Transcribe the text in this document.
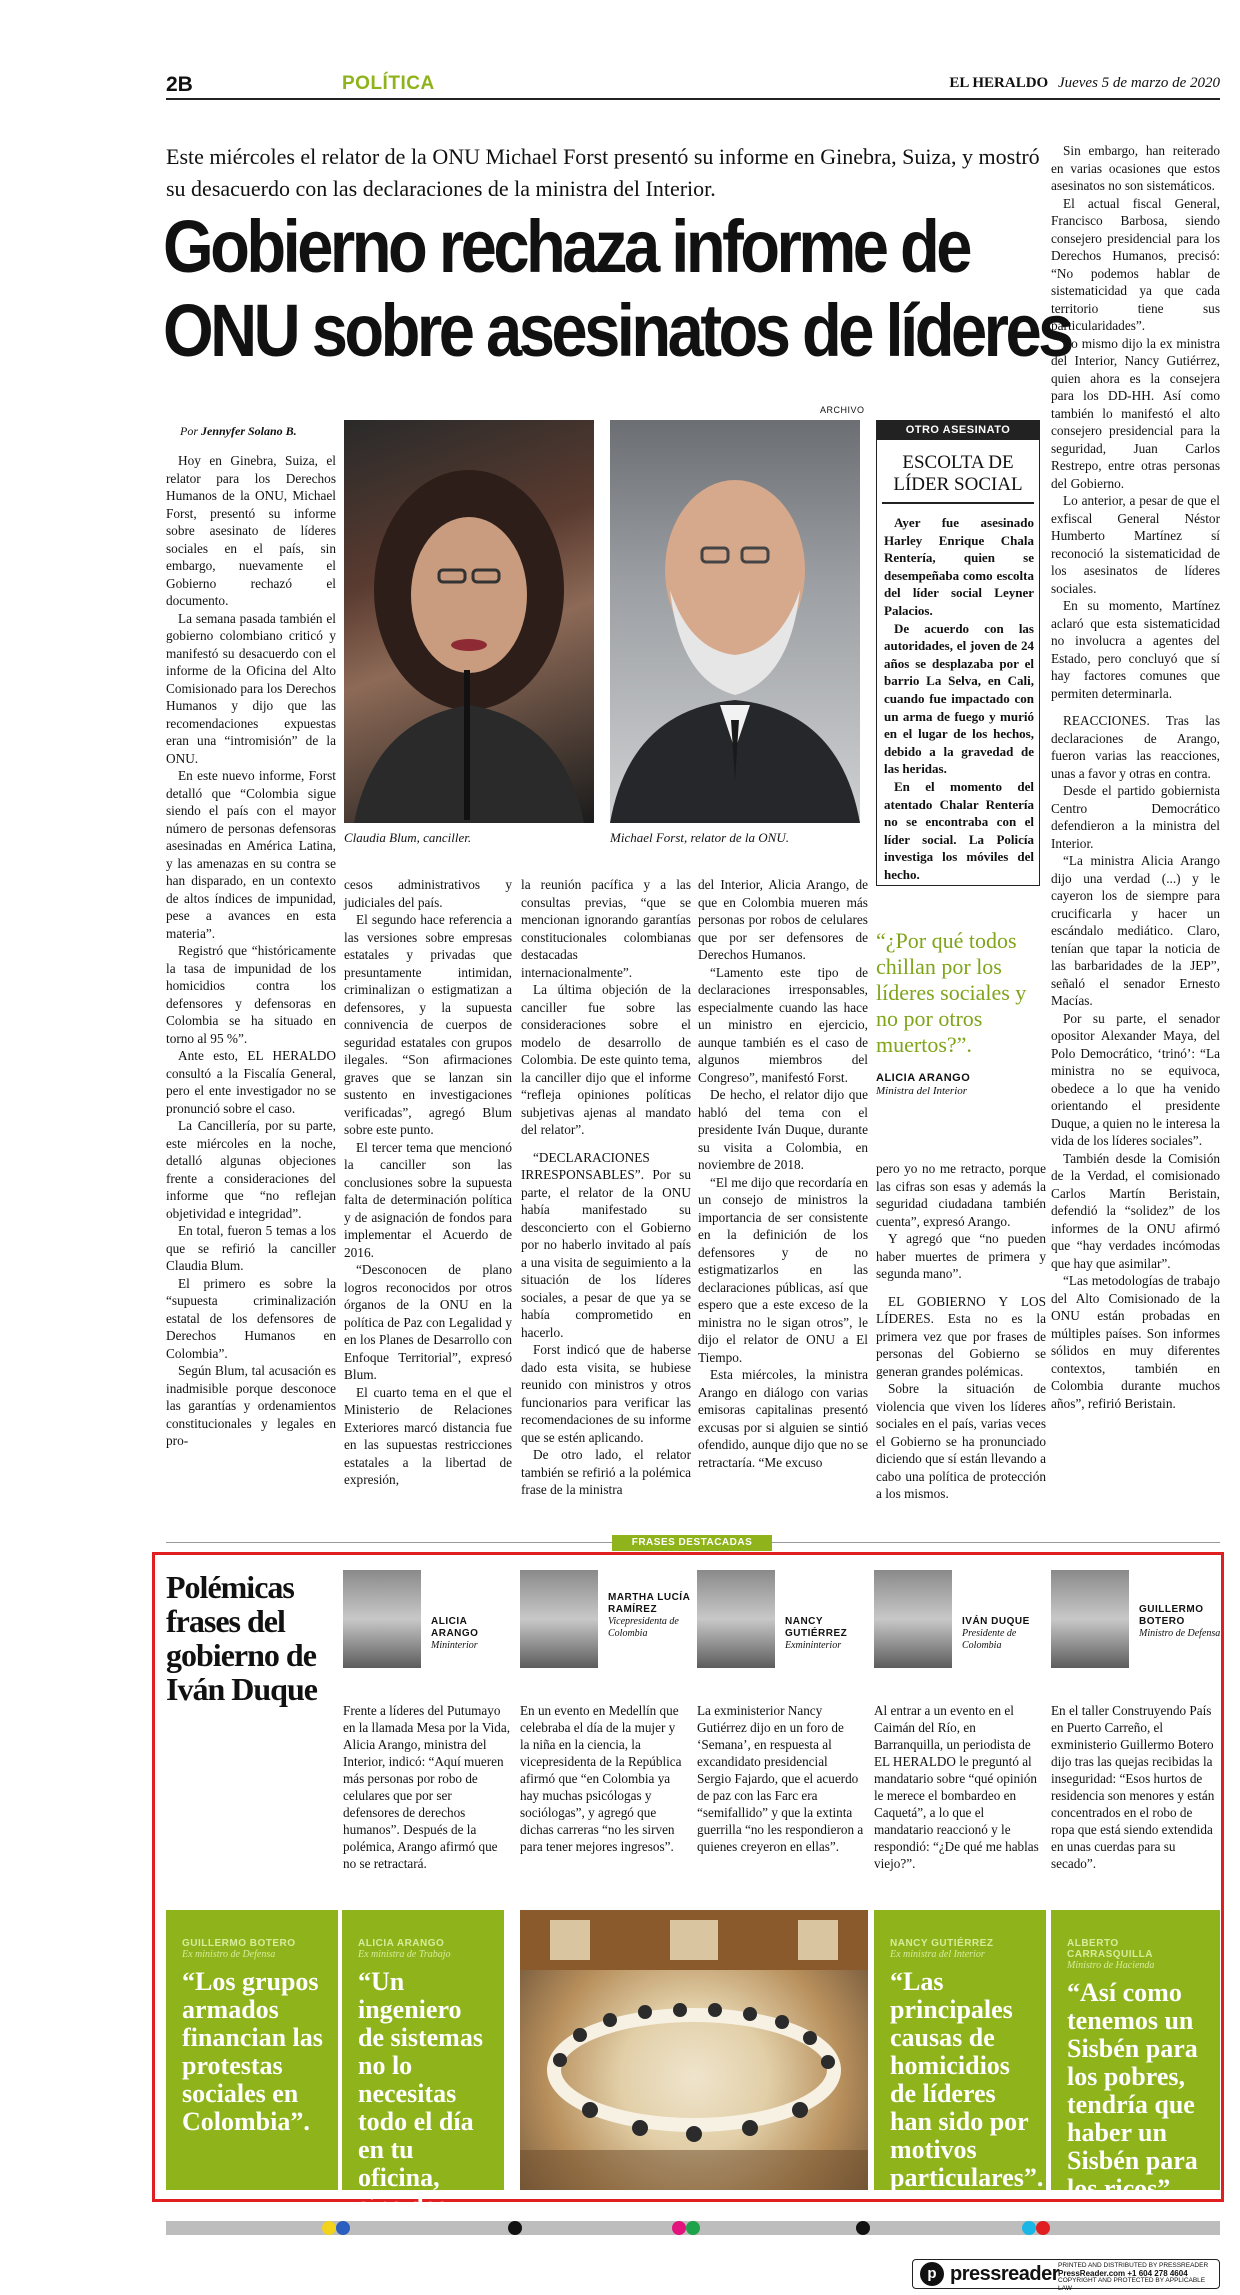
2B	POLÍTICA	EL HERALDO Jueves 5 de marzo de 2020
Este miércoles el relator de la ONU Michael Forst presentó su informe en Ginebra, Suiza, y mostró su desacuerdo con las declaraciones de la ministra del Interior.
Gobierno rechaza informe de
ONU sobre asesinatos de líderes
Por Jennyfer Solano B.
ARCHIVO

Hoy en Ginebra, Suiza, el relator para los Derechos Humanos de la ONU, Michael Forst, presentó su informe sobre asesinato de líderes sociales en el país, sin embargo, nuevamente el Gobierno rechazó el documento.

La semana pasada también el gobierno colombiano criticó y manifestó su desacuerdo con el informe de la Oficina del Alto Comisionado para los Derechos Humanos y dijo que las recomendaciones expuestas eran una “intromisión” de la ONU.

En este nuevo informe, Forst detalló que “Colombia sigue siendo el país con el mayor número de personas defensoras asesinadas en América Latina, y las amenazas en su contra se han disparado, en un contexto de altos índices de impunidad, pese a avances en esta materia”.

Registró que “históricamente la tasa de impunidad de los homicidios contra los defensores y defensoras en Colombia se ha situado en torno al 95 %”.

Ante esto, EL HERALDO consultó a la Fiscalía General, pero el ente investigador no se pronunció sobre el caso.

La Cancillería, por su parte, este miércoles en la noche, detalló algunas objeciones frente a consideraciones del informe que “no reflejan objetividad e integridad”.

En total, fueron 5 temas a los que se refirió la canciller Claudia Blum.

El primero es sobre la “supuesta criminalización estatal de los defensores de Derechos Humanos en Colombia”.

Según Blum, tal acusación es inadmisible porque desconoce las garantías y ordenamientos constitucionales y legales en pro-

Claudia Blum, canciller.	Michael Forst, relator de la ONU.
OTRO ASESINATO
ESCOLTA DE LÍDER SOCIAL

Ayer fue asesinado Harley Enrique Chala Rentería, quien se desempeñaba como escolta del líder social Leyner Palacios.

De acuerdo con las autoridades, el joven de 24 años se desplazaba por el barrio La Selva, en Cali, cuando fue impactado con un arma de fuego y murió en el lugar de los hechos, debido a la gravedad de las heridas.

En el momento del atentado Chalar Rentería no se encontraba con el líder social. La Policía investiga los móviles del hecho.

“¿Por qué todos chillan por los líderes sociales y no por otros muertos?”.
ALICIA ARANGO
Ministra del Interior

cesos administrativos y judiciales del país.

El segundo hace referencia a las versiones sobre empresas estatales y privadas que presuntamente intimidan, criminalizan o estigmatizan a defensores, y la supuesta connivencia de cuerpos de seguridad estatales con grupos ilegales. “Son afirmaciones graves que se lanzan sin sustento en investigaciones verificadas”, agregó Blum sobre este punto.

El tercer tema que mencionó la canciller son las conclusiones sobre la supuesta falta de determinación política y de asignación de fondos para implementar el Acuerdo de 2016.

“Desconocen de plano logros reconocidos por otros órganos de la ONU en la política de Paz con Legalidad y en los Planes de Desarrollo con Enfoque Territorial”, expresó Blum.

El cuarto tema en el que el Ministerio de Relaciones Exteriores marcó distancia fue en las supuestas restricciones estatales a la libertad de expresión,

la reunión pacífica y a las consultas previas, “que se mencionan ignorando garantías constitucionales colombianas destacadas internacionalmente”.

La última objeción de la canciller fue sobre las consideraciones sobre el modelo de desarrollo de Colombia. De este quinto tema, la canciller dijo que el informe “refleja opiniones políticas subjetivas ajenas al mandato del relator”.

“DECLARACIONES IRRESPONSABLES”. Por su parte, el relator de la ONU había manifestado su desconcierto con el Gobierno por no haberlo invitado al país a una visita de seguimiento a la situación de los líderes sociales, a pesar de que ya se había comprometido en hacerlo.

Forst indicó que de haberse dado esta visita, se hubiese reunido con ministros y otros funcionarios para verificar las recomendaciones de su informe que se estén aplicando.

De otro lado, el relator también se refirió a la polémica frase de la ministra

del Interior, Alicia Arango, de que en Colombia mueren más personas por robos de celulares que por ser defensores de Derechos Humanos.

“Lamento este tipo de declaraciones irresponsables, especialmente cuando las hace un ministro en ejercicio, aunque también es el caso de algunos miembros del Congreso”, manifestó Forst.

De hecho, el relator dijo que habló del tema con el presidente Iván Duque, durante su visita a Colombia, en noviembre de 2018.

“El me dijo que recordaría en un consejo de ministros la importancia de ser consistente en la definición de los defensores y de no estigmatizarlos en las declaraciones públicas, así que espero que a este exceso de la ministra no le sigan otros”, le dijo el relator de ONU a El Tiempo.

Esta miércoles, la ministra Arango en diálogo con varias emisoras capitalinas presentó excusas por si alguien se sintió ofendido, aunque dijo que no se retractaría. “Me excuso

pero yo no me retracto, porque las cifras son esas y además la seguridad ciudadana también cuenta”, expresó Arango.

Y agregó que “no pueden haber muertes de primera y segunda mano”.

EL GOBIERNO Y LOS LÍDERES. Esta no es la primera vez que por frases de personas del Gobierno se generan grandes polémicas.

Sobre la situación de violencia que viven los líderes sociales en el país, varias veces el Gobierno se ha pronunciado diciendo que sí están llevando a cabo una política de protección a los mismos.

Sin embargo, han reiterado en varias ocasiones que estos asesinatos no son sistemáticos.

El actual fiscal General, Francisco Barbosa, siendo consejero presidencial para los Derechos Humanos, precisó: “No podemos hablar de sistematicidad ya que cada territorio tiene sus particularidades”.

Lo mismo dijo la ex ministra del Interior, Nancy Gutiérrez, quien ahora es la consejera para los DD-HH. Así como también lo manifestó el alto consejero presidencial para la seguridad, Juan Carlos Restrepo, entre otras personas del Gobierno.

Lo anterior, a pesar de que el exfiscal General Néstor Humberto Martínez sí reconoció la sistematicidad de los asesinatos de líderes sociales.

En su momento, Martínez aclaró que esta sistematicidad no involucra a agentes del Estado, pero concluyó que sí hay factores comunes que permiten determinarla.

REACCIONES. Tras las declaraciones de Arango, fueron varias las reacciones, unas a favor y otras en contra.

Desde el partido gobiernista Centro Democrático defendieron a la ministra del Interior.

“La ministra Alicia Arango dijo una verdad (...) y le cayeron los de siempre para crucificarla y hacer un escándalo mediático. Claro, tenían que tapar la noticia de las barbaridades de la JEP”, señaló el senador Ernesto Macías.

Por su parte, el senador opositor Alexander Maya, del Polo Democrático, ‘trinó’: “La ministra no se equivoca, obedece a lo que ha venido orientando el presidente Duque, a quien no le interesa la vida de los líderes sociales”.

También desde la Comisión de la Verdad, el comisionado Carlos Martín Beristain, defendió la “solidez” de los informes de la ONU afirmó que “hay verdades incómodas que hay que asimilar”.

“Las metodologías de trabajo del Alto Comisionado de la ONU están probadas en múltiples países. Son informes sólidos en muy diferentes contextos, también en Colombia durante muchos años”, refirió Beristain.

FRASES DESTACADAS
Polémicas frases del gobierno de Iván Duque
ALICIA ARANGO
Mininterior
Frente a líderes del Putumayo en la llamada Mesa por la Vida, Alicia Arango, ministra del Interior, indicó: “Aquí mueren más personas por robo de celulares que por ser defensores de derechos humanos”. Después de la polémica, Arango afirmó que no se retractará.
MARTHA LUCÍA RAMÍREZ
Vicepresidenta de Colombia
En un evento en Medellín que celebraba el día de la mujer y la niña en la ciencia, la vicepresidenta de la República afirmó que “en Colombia ya hay muchas psicólogas y sociólogas”, y agregó que dichas carreras “no les sirven para tener mejores ingresos”.
NANCY GUTIÉRREZ
Exmininterior
La exministerior Nancy Gutiérrez dijo en un foro de ‘Semana’, en respuesta al excandidato presidencial Sergio Fajardo, que el acuerdo de paz con las Farc era “semifallido” y que la extinta guerrilla “no les respondieron a quienes creyeron en ellas”.
IVÁN DUQUE
Presidente de Colombia
Al entrar a un evento en el Caimán del Río, en Barranquilla, un periodista de EL HERALDO le preguntó al mandatario sobre “qué opinión le merece el bombardeo en Caquetá”, a lo que el mandatario reaccionó y le respondió: “¿De qué me hablas viejo?”.
GUILLERMO BOTERO
Ministro de Defensa
En el taller Construyendo País en Puerto Carreño, el exministerio Guillermo Botero dijo tras las quejas recibidas la inseguridad: “Esos hurtos de residencia son menores y están concentrados en el robo de ropa que está siendo extendida en unas cuerdas para su secado”.
GUILLERMO BOTERO
Ex ministro de Defensa
“Los grupos armados financian las protestas sociales en Colombia”.
ALICIA ARANGO
Ex ministra de Trabajo
“Un ingeniero de sistemas no lo necesitas todo el día en tu oficina, sino dos
NANCY GUTIÉRREZ
Ex ministra del Interior
“Las principales causas de homicidios de líderes han sido por motivos particulares”.
ALBERTO CARRASQUILLA
Ministro de Hacienda
“Así como tenemos un Sisbén para los pobres, tendría que haber un Sisbén para los ricos”.
p pressreader
PRINTED AND DISTRIBUTED BY PRESSREADER
PressReader.com +1 604 278 4604
COPYRIGHT AND PROTECTED BY APPLICABLE LAW
